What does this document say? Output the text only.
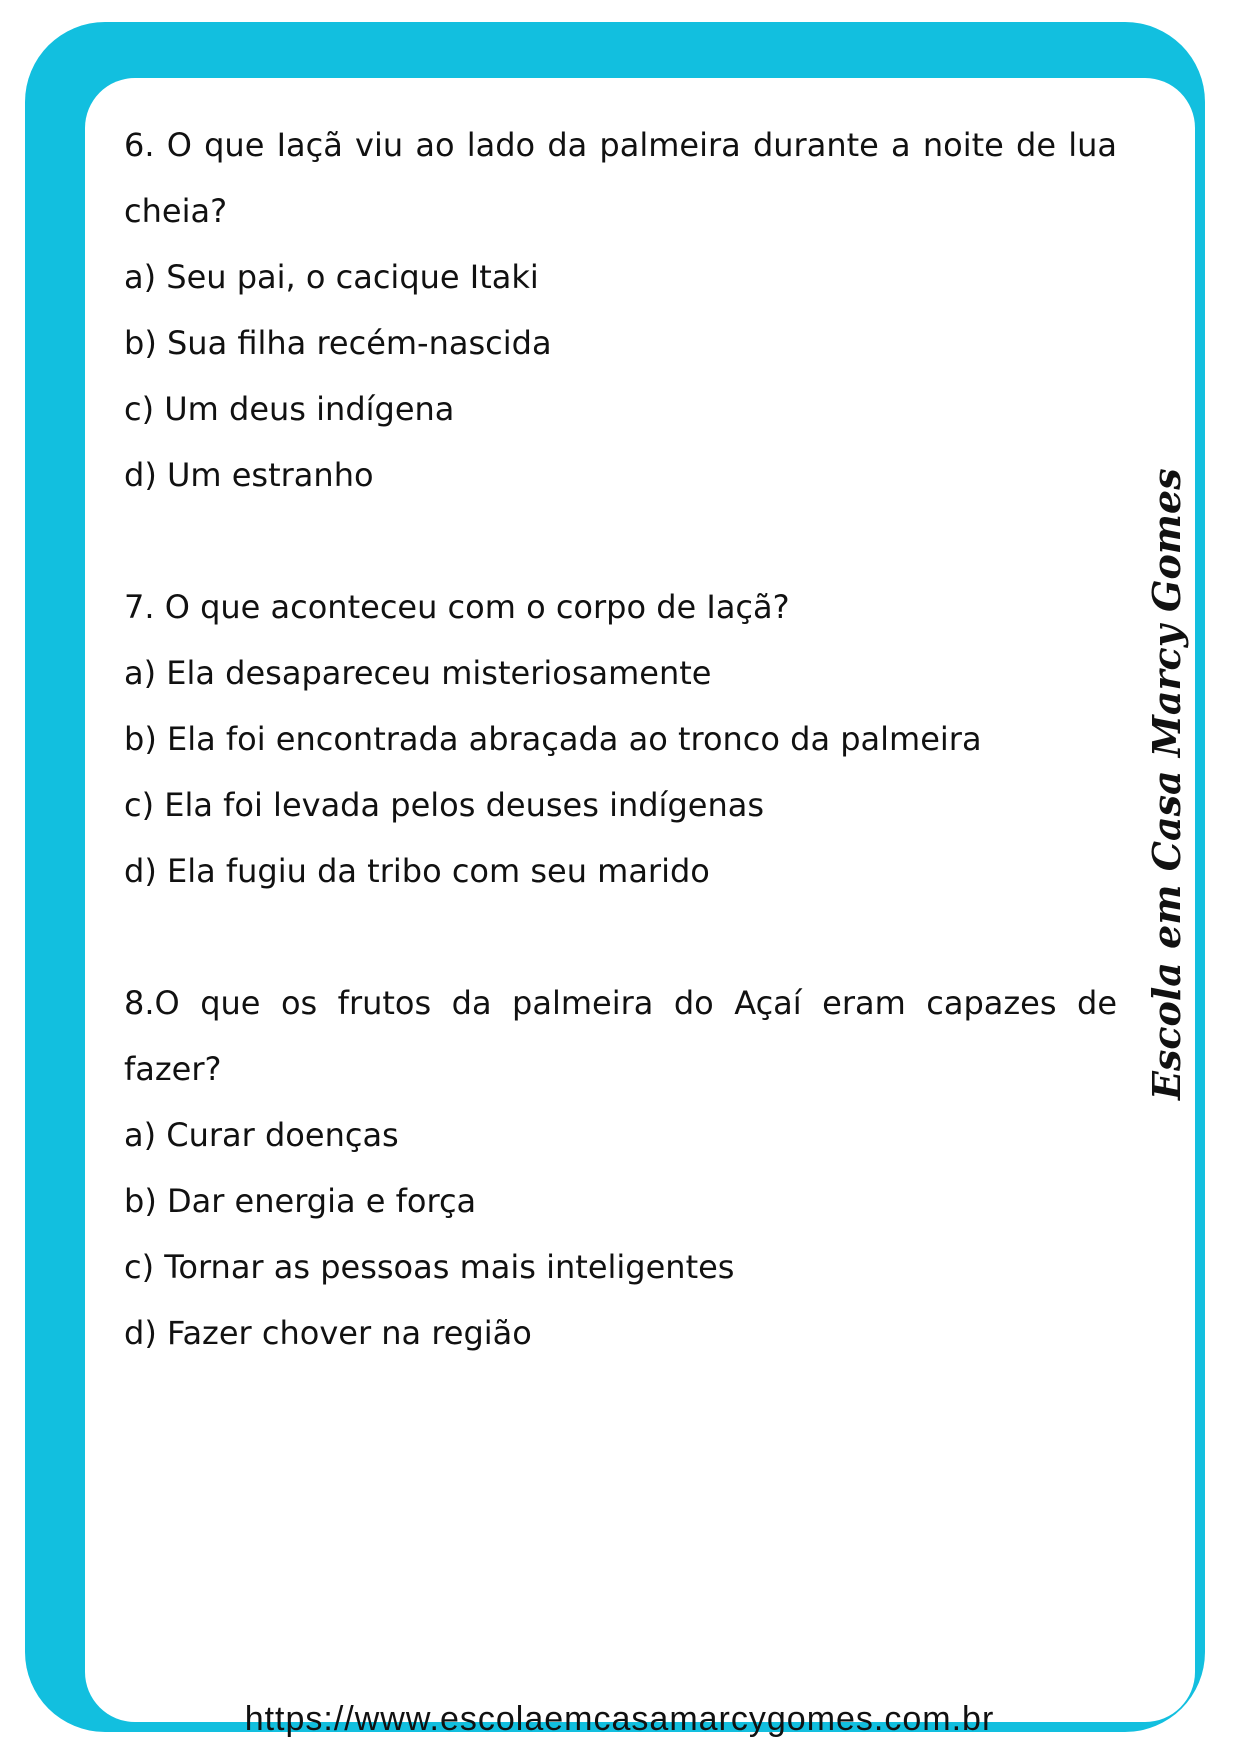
6. O que Iaçã viu ao lado da palmeira durante a noite de lua cheia?
a) Seu pai, o cacique Itaki
b) Sua filha recém-nascida
c) Um deus indígena
d) Um estranho
7. O que aconteceu com o corpo de Iaçã?
a) Ela desapareceu misteriosamente
b) Ela foi encontrada abraçada ao tronco da palmeira
c) Ela foi levada pelos deuses indígenas
d) Ela fugiu da tribo com seu marido
8.O que os frutos da palmeira do Açaí eram capazes de fazer?
a) Curar doenças
b) Dar energia e força
c) Tornar as pessoas mais inteligentes
d) Fazer chover na região
Escola em Casa Marcy Gomes
https://www.escolaemcasamarcygomes.com.br
